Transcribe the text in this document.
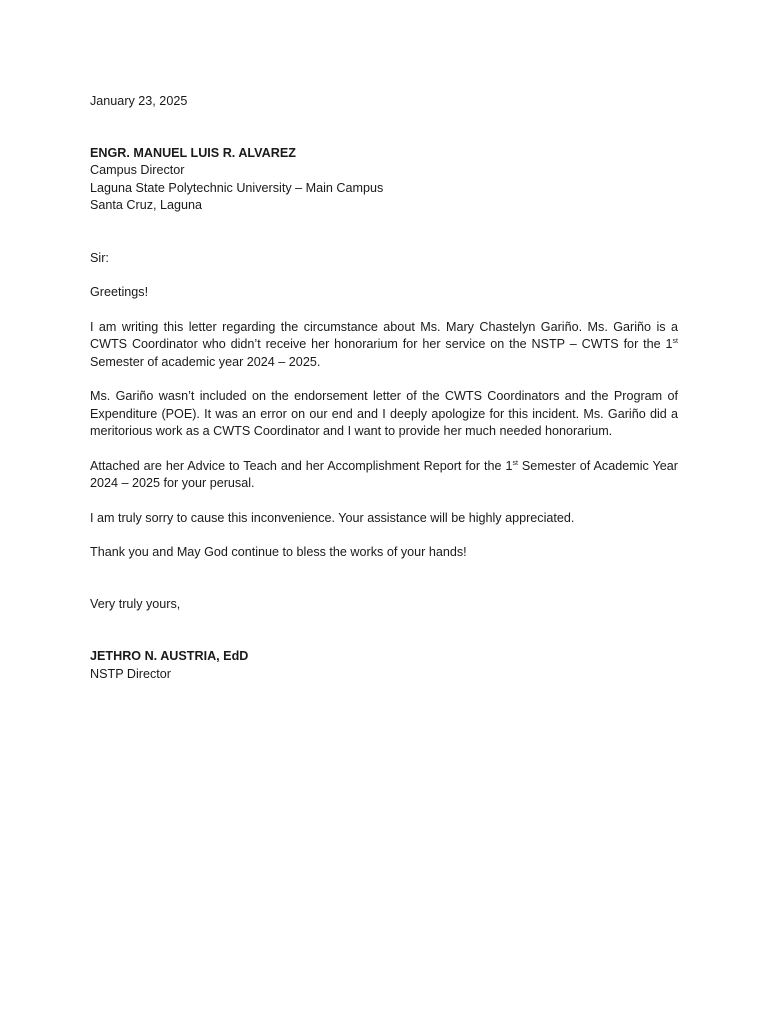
January 23, 2025
ENGR. MANUEL LUIS R. ALVAREZ
Campus Director
Laguna State Polytechnic University – Main Campus
Santa Cruz, Laguna
Sir:
Greetings!

I am writing this letter regarding the circumstance about Ms. Mary Chastelyn Gariño. Ms. Gariño is a CWTS Coordinator who didn’t receive her honorarium for her service on the NSTP – CWTS for the 1st Semester of academic year 2024 – 2025.

Ms. Gariño wasn’t included on the endorsement letter of the CWTS Coordinators and the Program of Expenditure (POE). It was an error on our end and I deeply apologize for this incident. Ms. Gariño did a meritorious work as a CWTS Coordinator and I want to provide her much needed honorarium.

Attached are her Advice to Teach and her Accomplishment Report for the 1st Semester of Academic Year 2024 – 2025 for your perusal.

I am truly sorry to cause this inconvenience. Your assistance will be highly appreciated.

Thank you and May God continue to bless the works of your hands!

Very truly yours,
JETHRO N. AUSTRIA, EdD
NSTP Director
